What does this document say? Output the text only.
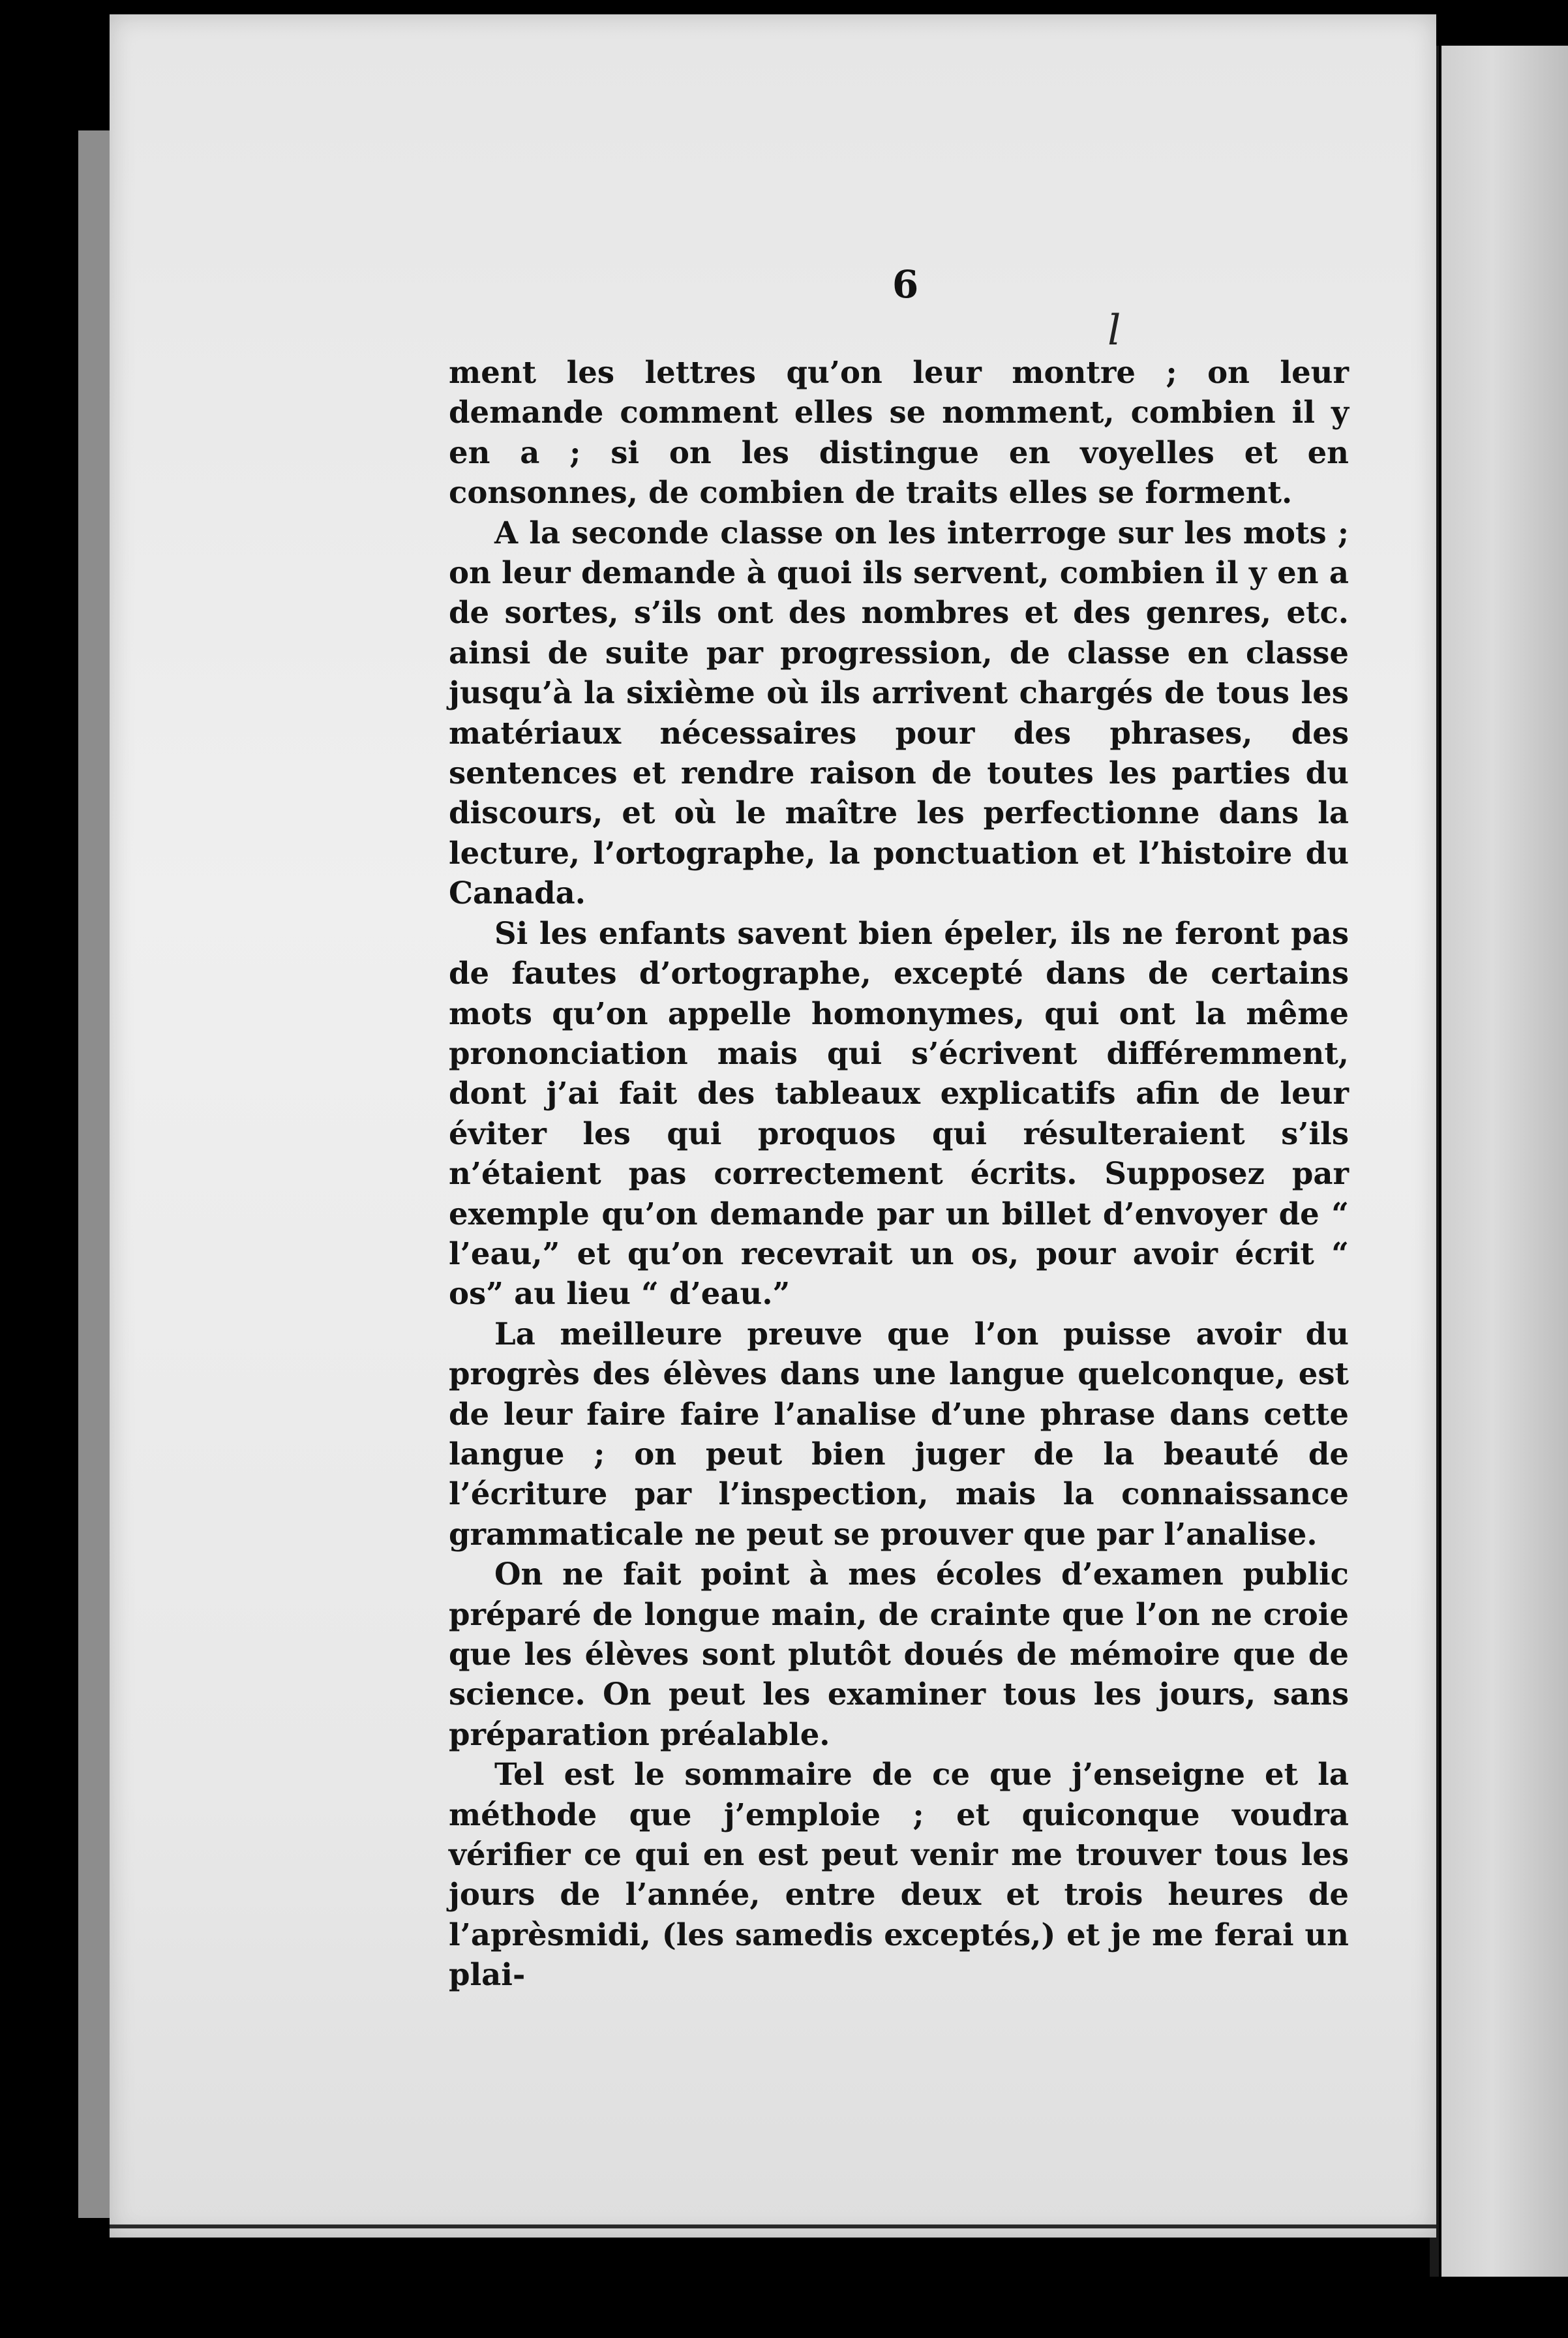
6
l

ment les lettres qu’on leur montre ; on leur demande comment elles se nomment, combien il y en a ; si on les distingue en voyelles et en consonnes, de combien de traits elles se forment.

A la seconde classe on les interroge sur les mots ; on leur demande à quoi ils servent, combien il y en a de sortes, s’ils ont des nombres et des genres, etc. ainsi de suite par progression, de classe en classe jusqu’à la sixième où ils arrivent chargés de tous les matériaux nécessaires pour des phrases, des sentences et rendre raison de toutes les parties du discours, et où le maître les perfectionne dans la lecture, l’ortographe, la ponctuation et l’histoire du Canada.

Si les enfants savent bien épeler, ils ne feront pas de fautes d’ortographe, excepté dans de certains mots qu’on appelle homonymes, qui ont la même prononciation mais qui s’écrivent différemment, dont j’ai fait des tableaux explicatifs afin de leur éviter les qui proquos qui résulteraient s’ils n’étaient pas correctement écrits. Supposez par exemple qu’on demande par un billet d’envoyer de “ l’eau,” et qu’on recevrait un os, pour avoir écrit “ os” au lieu “ d’eau.”

La meilleure preuve que l’on puisse avoir du progrès des élèves dans une langue quelconque, est de leur faire faire l’analise d’une phrase dans cette langue ; on peut bien juger de la beauté de l’écriture par l’inspection, mais la connaissance grammaticale ne peut se prouver que par l’analise.

On ne fait point à mes écoles d’examen public préparé de longue main, de crainte que l’on ne croie que les élèves sont plutôt doués de mémoire que de science. On peut les examiner tous les jours, sans préparation préalable.

Tel est le sommaire de ce que j’enseigne et la méthode que j’emploie ; et quiconque voudra vérifier ce qui en est peut venir me trouver tous les jours de l’année, entre deux et trois heures de l’aprèsmidi, (les samedis exceptés,) et je me ferai un plai-
